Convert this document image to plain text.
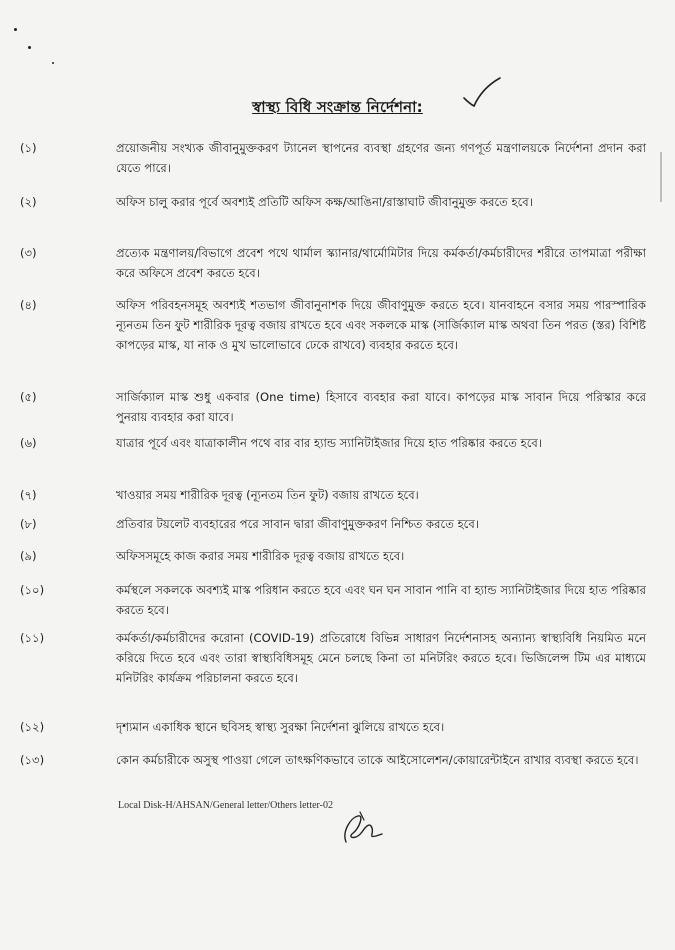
স্বাস্থ্য বিধি সংক্রান্ত নির্দেশনা:
(১)	প্রয়োজনীয় সংখ্যক জীবানুমুক্তকরণ ট্যানেল স্থাপনের ব্যবস্থা গ্রহণের জন্য গণপূর্ত মন্ত্রণালয়কে নির্দেশনা প্রদান করা যেতে পারে।
(২)	অফিস চালু করার পূর্বে অবশ্যই প্রতিটি অফিস কক্ষ/আঙিনা/রাস্তাঘাট জীবানুমুক্ত করতে হবে।
(৩)	প্রত্যেক মন্ত্রণালয়/বিভাগে প্রবেশ পথে থার্মাল স্ক্যানার/থার্মোমিটার দিয়ে কর্মকর্তা/কর্মচারীদের শরীরে তাপমাত্রা পরীক্ষা করে অফিসে প্রবেশ করতে হবে।
(৪)	অফিস পরিবহনসমূহ অবশ্যই শতভাগ জীবানুনাশক দিয়ে জীবাণুমুক্ত করতে হবে। যানবাহনে বসার সময় পারস্পারিক ন্যূনতম তিন ফুট শারীরিক দূরত্ব বজায় রাখতে হবে এবং সকলকে মাস্ক (সার্জিক্যাল মাস্ক অথবা তিন পরত (স্তর) বিশিষ্ট কাপড়ের মাস্ক, যা নাক ও মুখ ভালোভাবে ঢেকে রাখবে) ব্যবহার করতে হবে।
(৫)	সার্জিক্যাল মাস্ক শুধু একবার (One time) হিসাবে ব্যবহার করা যাবে। কাপড়ের মাস্ক সাবান দিয়ে পরিস্কার করে পুনরায় ব্যবহার করা যাবে।
(৬)	যাত্রার পূর্বে এবং যাত্রাকালীন পথে বার বার হ্যান্ড স্যানিটাইজার দিয়ে হাত পরিষ্কার করতে হবে।
(৭)	খাওয়ার সময় শারীরিক দূরত্ব (ন্যূনতম তিন ফুট) বজায় রাখতে হবে।
(৮)	প্রতিবার টয়লেট ব্যবহারের পরে সাবান দ্বারা জীবাণুমুক্তকরণ নিশ্চিত করতে হবে।
(৯)	অফিসসমূহে কাজ করার সময় শারীরিক দূরত্ব বজায় রাখতে হবে।
(১০)	কর্মস্থলে সকলকে অবশ্যই মাস্ক পরিধান করতে হবে এবং ঘন ঘন সাবান পানি বা হ্যান্ড স্যানিটাইজার দিয়ে হাত পরিষ্কার করতে হবে।
(১১)	কর্মকর্তা/কর্মচারীদের করোনা (COVID-19) প্রতিরোধে বিভিন্ন সাধারণ নির্দেশনাসহ অন্যান্য স্বাস্থ্যবিধি নিয়মিত মনে করিয়ে দিতে হবে এবং তারা স্বাস্থ্যবিধিসমূহ মেনে চলছে কিনা তা মনিটরিং করতে হবে। ভিজিলেন্স টিম এর মাধ্যমে মনিটরিং কার্যক্রম পরিচালনা করতে হবে।
(১২)	দৃশ্যমান একাধিক স্থানে ছবিসহ স্বাস্থ্য সুরক্ষা নির্দেশনা ঝুলিয়ে রাখতে হবে।
(১৩)	কোন কর্মচারীকে অসুস্থ পাওয়া গেলে তাৎক্ষণিকভাবে তাকে আইসোলেশন/কোয়ারেন্টাইনে রাখার ব্যবস্থা করতে হবে।
Local Disk-H/AHSAN/General letter/Others letter-02
